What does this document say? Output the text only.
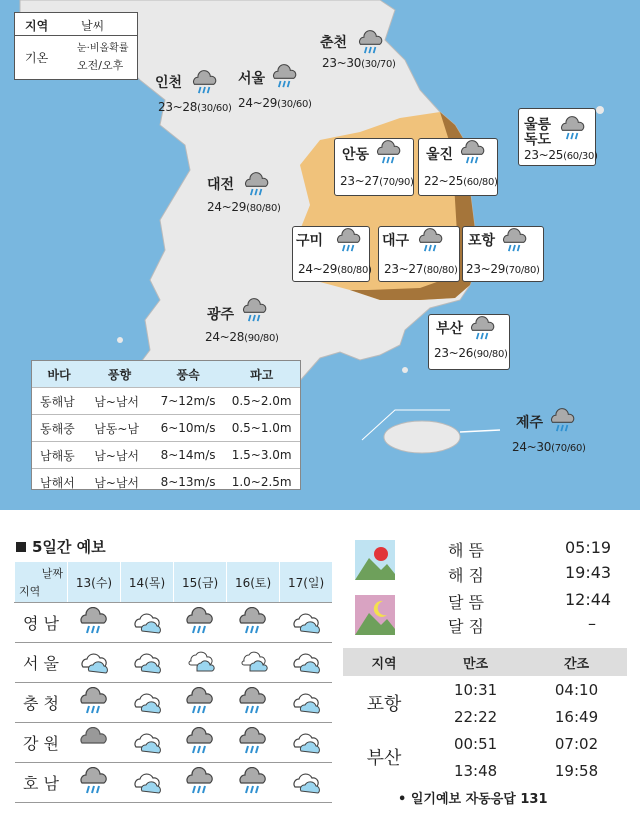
지역	날씨
기온
눈·비올확률
오전/오후
춘천
23~30(30/70)
인천
23~28(30/60)
서울
24~29(30/60)
울릉
독도
23~25(60/30)
안동
23~27(70/90)
울진
22~25(60/80)
대전
24~29(80/80)
구미
24~29(80/80)
대구
23~27(80/80)
포항
23~29(70/80)
광주
24~28(90/80)
부산
23~26(90/80)
제주
24~30(70/60)
바다	풍향	풍속	파고
동해남	남~남서	7~12m/s	0.5~2.0m
동해중	남동~남	6~10m/s	0.5~1.0m
남해동	남~남서	8~14m/s	1.5~3.0m
남해서	남~남서	8~13m/s	1.0~2.5m
5일간 예보
날짜
지역	13(수)	14(목)	15(금)	16(토)	17(일)
영 남					
서 울					
충 청					
강 원					
호 남					
해 뜸	05:19
해 짐	19:43
달 뜸	12:44
달 짐	–
지역	만조	간조
포항	10:31	04:10
	22:22	16:49
부산	00:51	07:02
	13:48	19:58
• 일기예보 자동응답 131
